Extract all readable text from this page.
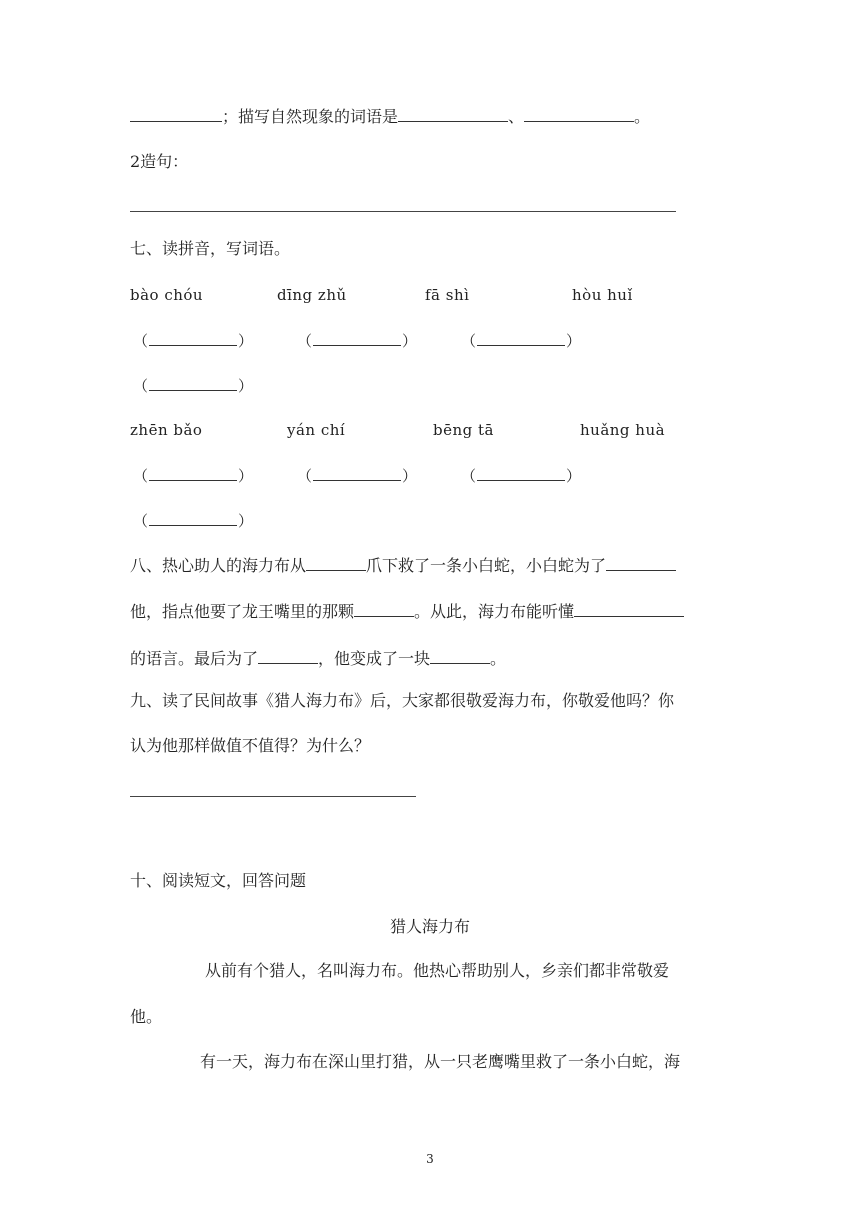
；描写自然现象的词语是	、	。
2造句：
七、读拼音，写词语。
bào chóu	dīng zhǔ	fā shì	hòu huǐ
（	）	（	）	（	）
（	）
zhēn bǎo	yán chí	bēng tā	huǎng huà
（	）	（	）	（	）
（	）
八、热心助人的海力布从	爪下救了一条小白蛇，小白蛇为了
他，指点他要了龙王嘴里的那颗	。从此，海力布能听懂
的语言。最后为了	，他变成了一块	。
九、读了民间故事《猎人海力布》后，大家都很敬爱海力布，你敬爱他吗？你
认为他那样做值不值得？为什么？
十、阅读短文，回答问题
猎人海力布
从前有个猎人，名叫海力布。他热心帮助别人，乡亲们都非常敬爱
他。
有一天，海力布在深山里打猎，从一只老鹰嘴里救了一条小白蛇，海
3
